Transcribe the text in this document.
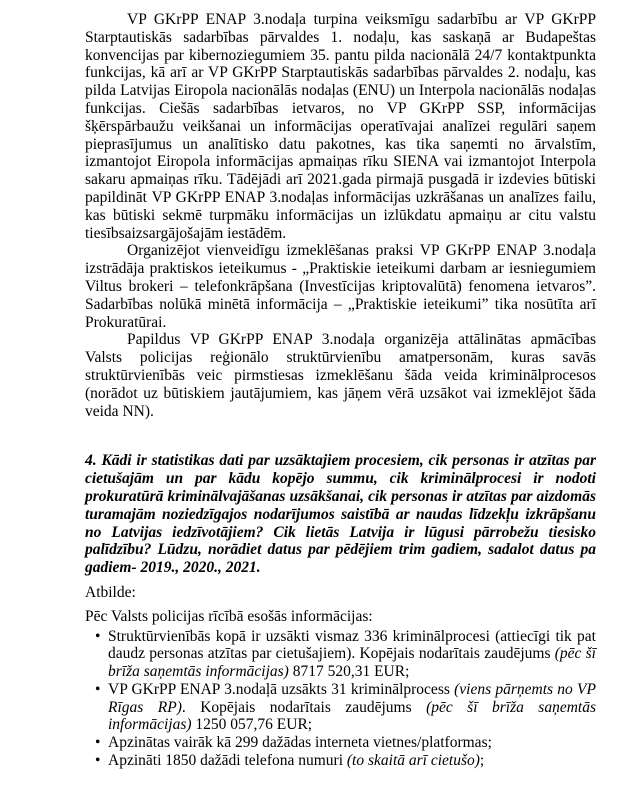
VP GKrPP ENAP 3.nodaļa turpina veiksmīgu sadarbību ar VP GKrPP Starptautiskās sadarbības pārvaldes 1. nodaļu, kas saskaņā ar Budapeštas konvencijas par kibernoziegumiem 35. pantu pilda nacionālā 24/7 kontaktpunkta funkcijas, kā arī ar VP GKrPP Starptautiskās sadarbības pārvaldes 2. nodaļu, kas pilda Latvijas Eiropola nacionālās nodaļas (ENU) un Interpola nacionālās nodaļas funkcijas. Ciešās sadarbības ietvaros, no VP GKrPP SSP, informācijas šķērspārbaužu veikšanai un informācijas operatīvajai analīzei regulāri saņem pieprasījumus un analītisko datu pakotnes, kas tika saņemti no ārvalstīm, izmantojot Eiropola informācijas apmaiņas rīku SIENA vai izmantojot Interpola sakaru apmaiņas rīku. Tādējādi arī 2021.gada pirmajā pusgadā ir izdevies būtiski papildināt VP GKrPP ENAP 3.nodaļas informācijas uzkrāšanas un analīzes failu, kas būtiski sekmē turpmāku informācijas un izlūkdatu apmaiņu ar citu valstu tiesībsaizsargājošajām iestādēm.

Organizējot vienveidīgu izmeklēšanas praksi VP GKrPP ENAP 3.nodaļa izstrādāja praktiskos ieteikumus - „Praktiskie ieteikumi darbam ar iesniegumiem Viltus brokeri – telefonkrāpšana (Investīcijas kriptovalūtā) fenomena ietvaros”. Sadarbības nolūkā minētā informācija – „Praktiskie ieteikumi” tika nosūtīta arī Prokuratūrai.

Papildus VP GKrPP ENAP 3.nodaļa organizēja attālinātas apmācības Valsts policijas reģionālo struktūrvienību amatpersonām, kuras savās struktūrvienībās veic pirmstiesas izmeklēšanu šāda veida kriminālprocesos (norādot uz būtiskiem jautājumiem, kas jāņem vērā uzsākot vai izmeklējot šāda veida NN).

4. Kādi ir statistikas dati par uzsāktajiem procesiem, cik personas ir atzītas par cietušajām un par kādu kopējo summu, cik kriminālprocesi ir nodoti prokuratūrā kriminālvajāšanas uzsākšanai, cik personas ir atzītas par aizdomās turamajām noziedzīgajos nodarījumos saistībā ar naudas līdzekļu izkrāpšanu no Latvijas iedzīvotājiem? Cik lietās Latvija ir lūgusi pārrobežu tiesisko palīdzību? Lūdzu, norādiet datus par pēdējiem trim gadiem, sadalot datus pa gadiem- 2019., 2020., 2021.

Atbilde:

Pēc Valsts policijas rīcībā esošās informācijas:

• Struktūrvienībās kopā ir uzsākti vismaz 336 kriminālprocesi (attiecīgi tik pat daudz personas atzītas par cietušajiem). Kopējais nodarītais zaudējums (pēc šī brīža saņemtās informācijas) 8717 520,31 EUR;
• VP GKrPP ENAP 3.nodaļā uzsākts 31 kriminālprocess (viens pārņemts no VP Rīgas RP). Kopējais nodarītais zaudējums (pēc šī brīža saņemtās informācijas) 1250 057,76 EUR;
• Apzinātas vairāk kā 299 dažādas interneta vietnes/platformas;
• Apzināti 1850 dažādi telefona numuri (to skaitā arī cietušo);
